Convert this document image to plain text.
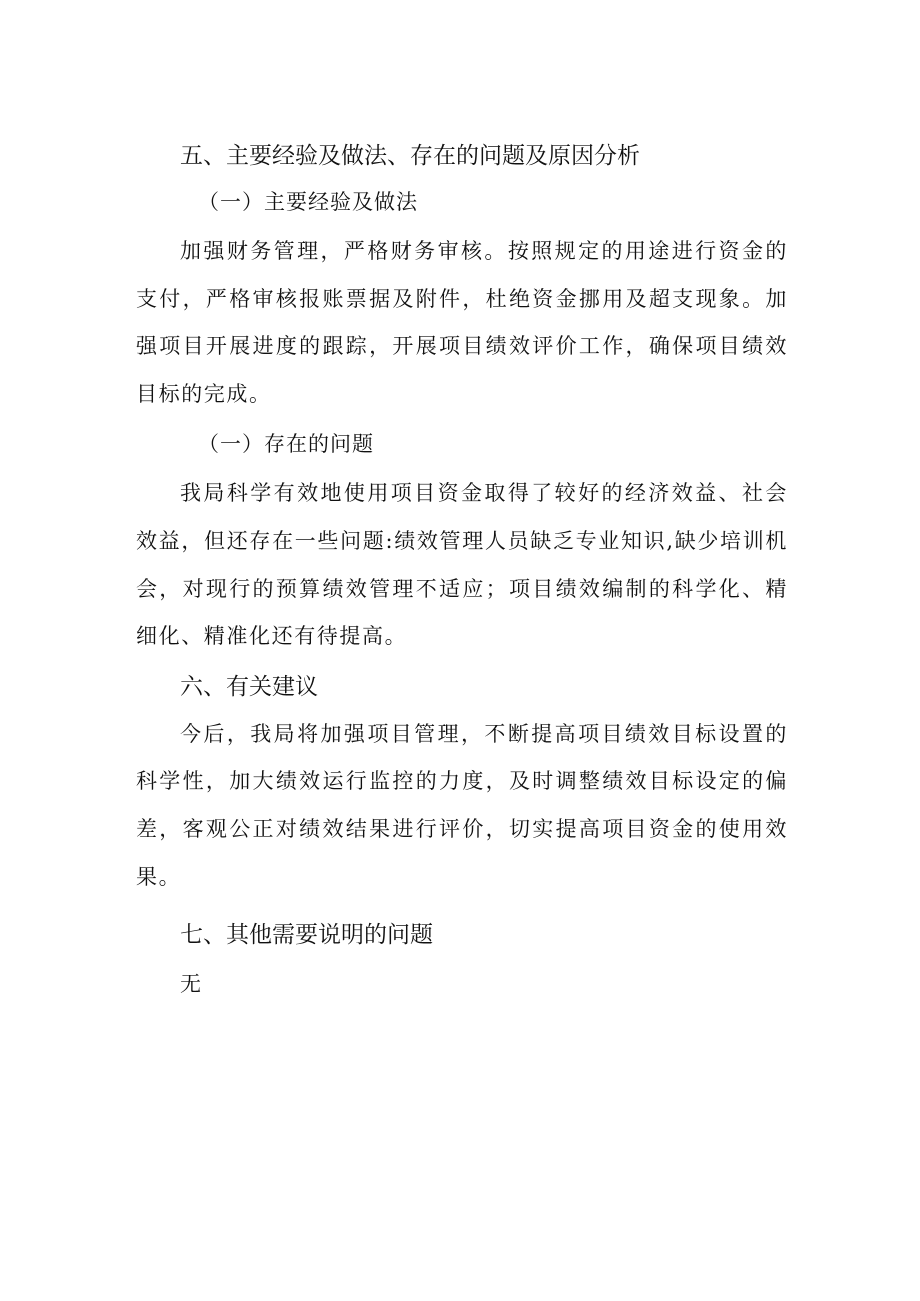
五、主要经验及做法、存在的问题及原因分析

（一）主要经验及做法

加强财务管理，严格财务审核。按照规定的用途进行资金的支付，严格审核报账票据及附件，杜绝资金挪用及超支现象。加强项目开展进度的跟踪，开展项目绩效评价工作，确保项目绩效目标的完成。

（一）存在的问题

我局科学有效地使用项目资金取得了较好的经济效益、社会效益，但还存在一些问题:绩效管理人员缺乏专业知识,缺少培训机会，对现行的预算绩效管理不适应；项目绩效编制的科学化、精细化、精准化还有待提高。

六、有关建议

今后，我局将加强项目管理，不断提高项目绩效目标设置的科学性，加大绩效运行监控的力度，及时调整绩效目标设定的偏差，客观公正对绩效结果进行评价，切实提高项目资金的使用效果。

七、其他需要说明的问题

无
